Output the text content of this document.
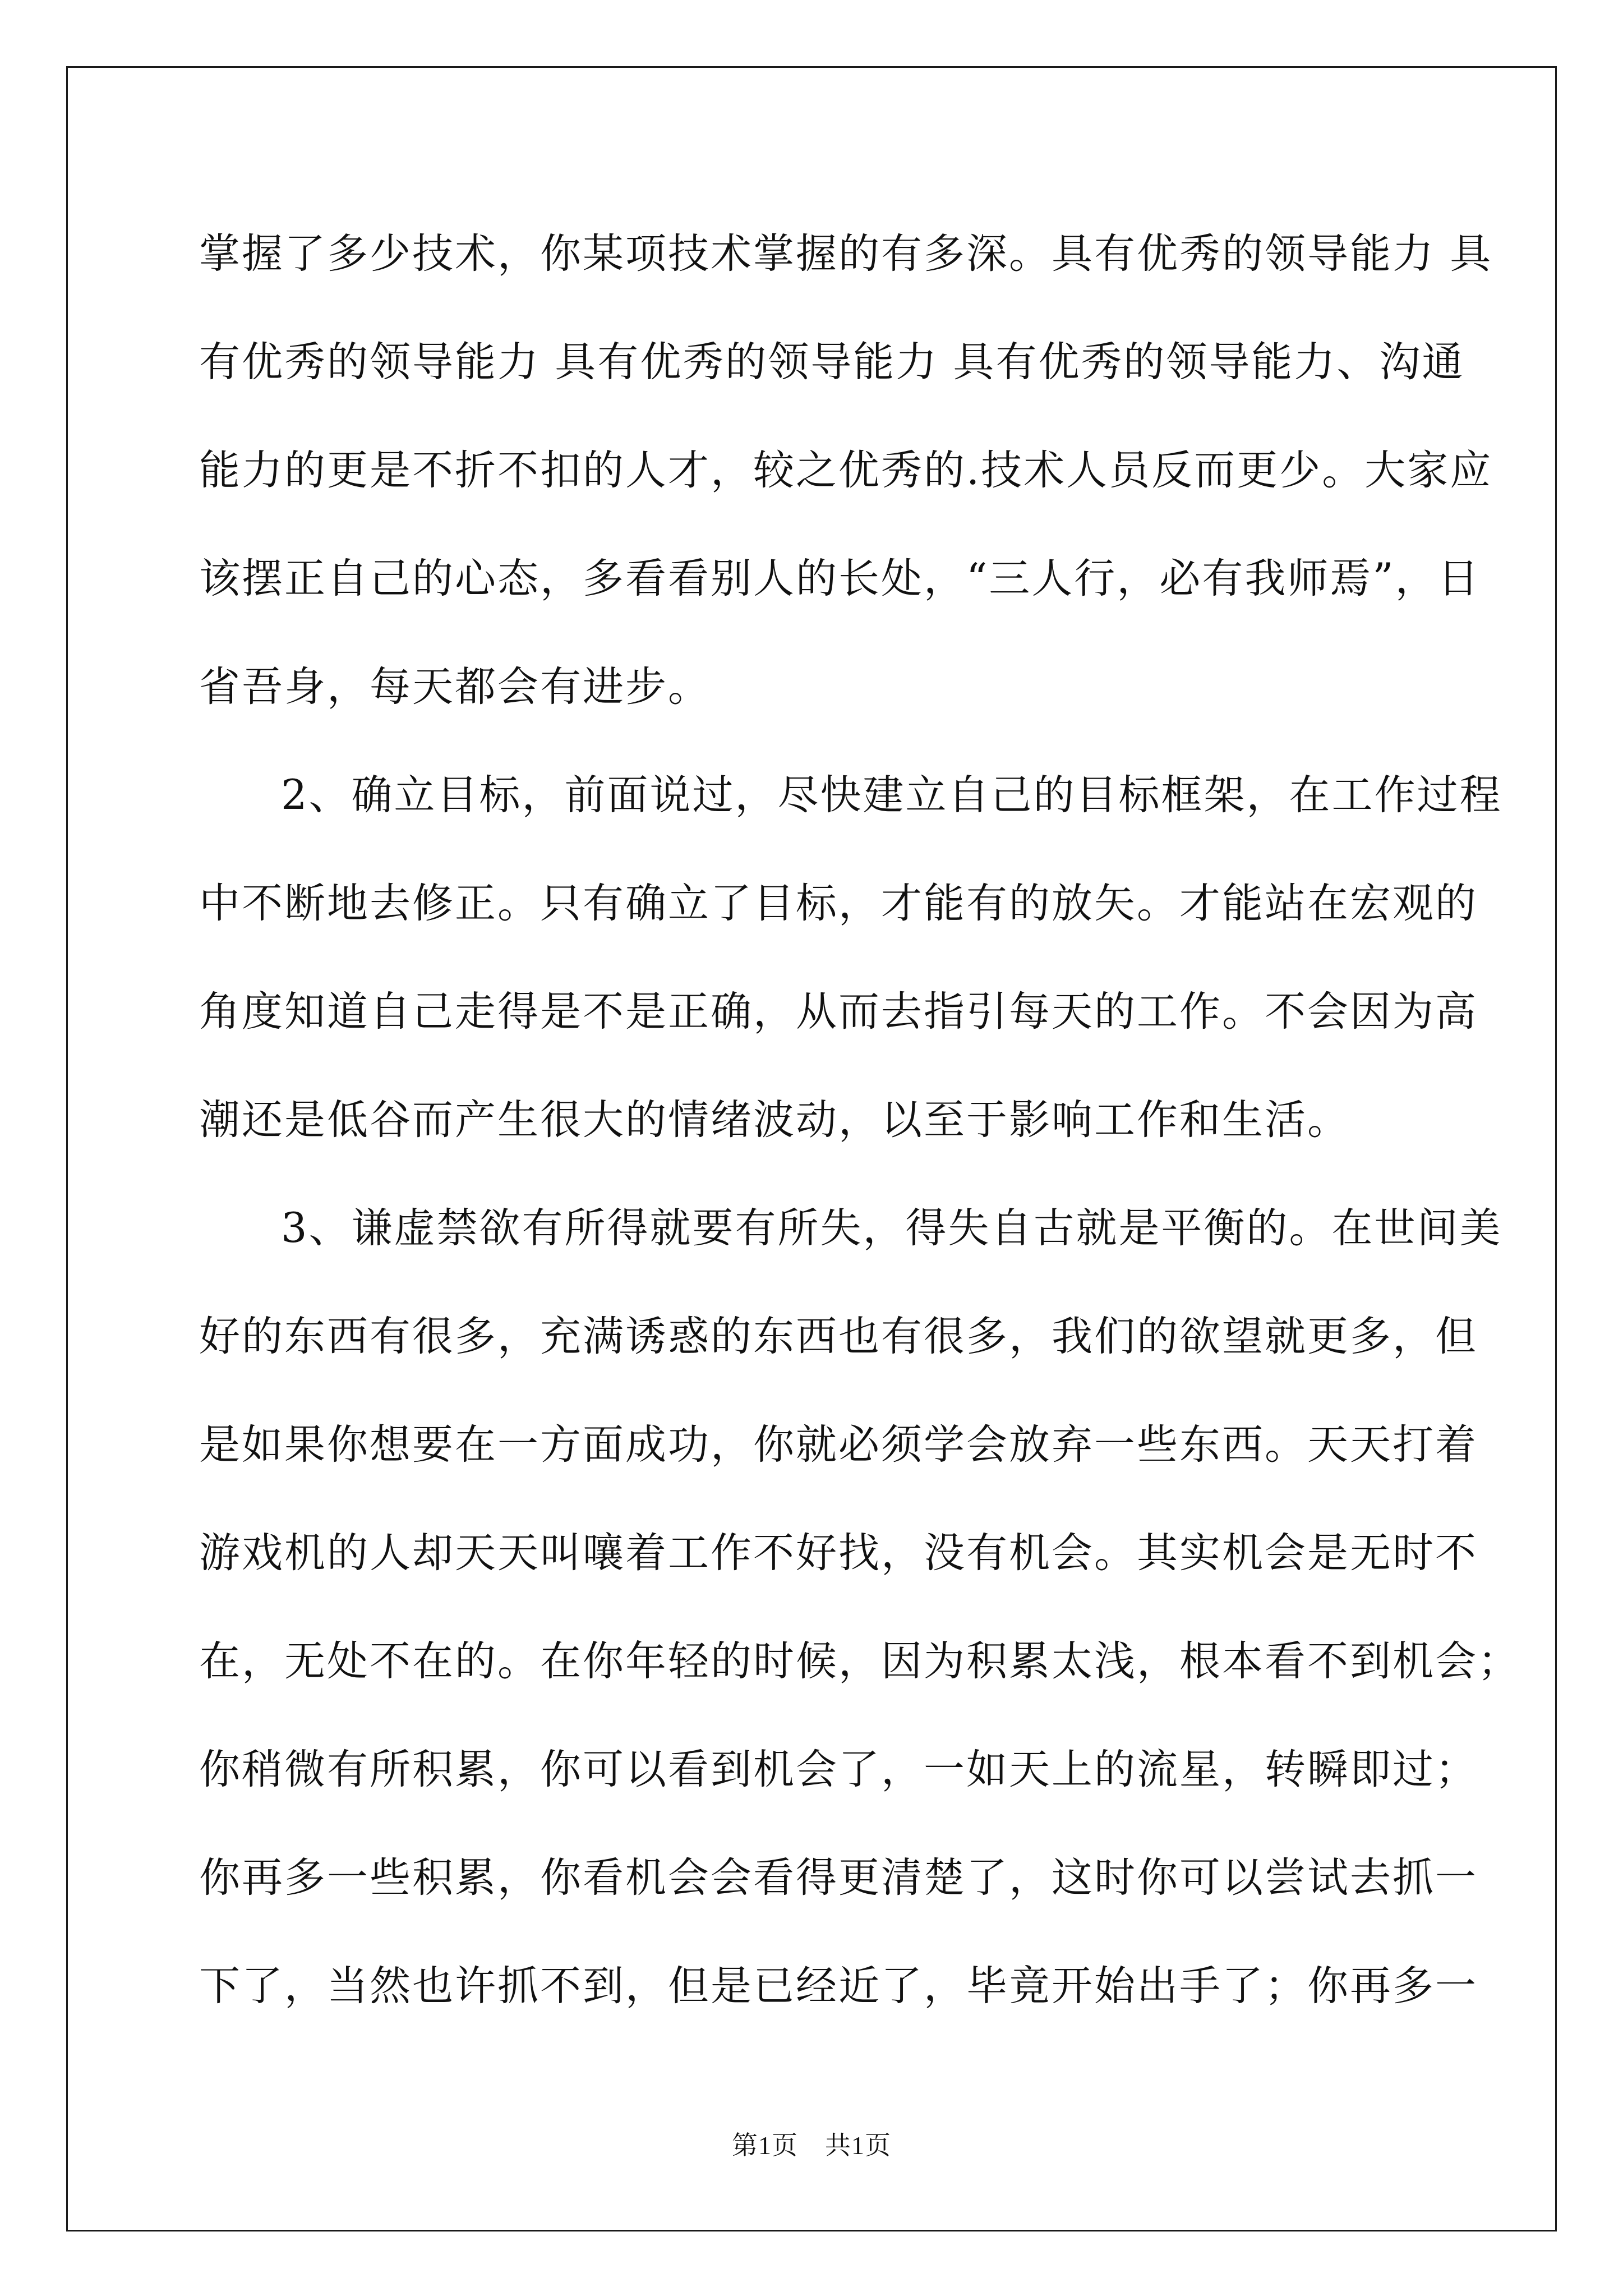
掌握了多少技术，你某项技术掌握的有多深。具有优秀的领导能力 具
有优秀的领导能力 具有优秀的领导能力 具有优秀的领导能力、沟通
能力的更是不折不扣的人才，较之优秀的.技术人员反而更少。大家应
该摆正自己的心态，多看看别人的长处，“三人行，必有我师焉”，日
省吾身，每天都会有进步。
2、确立目标，前面说过，尽快建立自己的目标框架，在工作过程
中不断地去修正。只有确立了目标，才能有的放矢。才能站在宏观的
角度知道自己走得是不是正确，从而去指引每天的工作。不会因为高
潮还是低谷而产生很大的情绪波动，以至于影响工作和生活。
3、谦虚禁欲有所得就要有所失，得失自古就是平衡的。在世间美
好的东西有很多，充满诱惑的东西也有很多，我们的欲望就更多，但
是如果你想要在一方面成功，你就必须学会放弃一些东西。天天打着
游戏机的人却天天叫嚷着工作不好找，没有机会。其实机会是无时不
在，无处不在的。在你年轻的时候，因为积累太浅，根本看不到机会；
你稍微有所积累，你可以看到机会了，一如天上的流星，转瞬即过；
你再多一些积累，你看机会会看得更清楚了，这时你可以尝试去抓一
下了，当然也许抓不到，但是已经近了，毕竟开始出手了；你再多一
第1页 共1页
